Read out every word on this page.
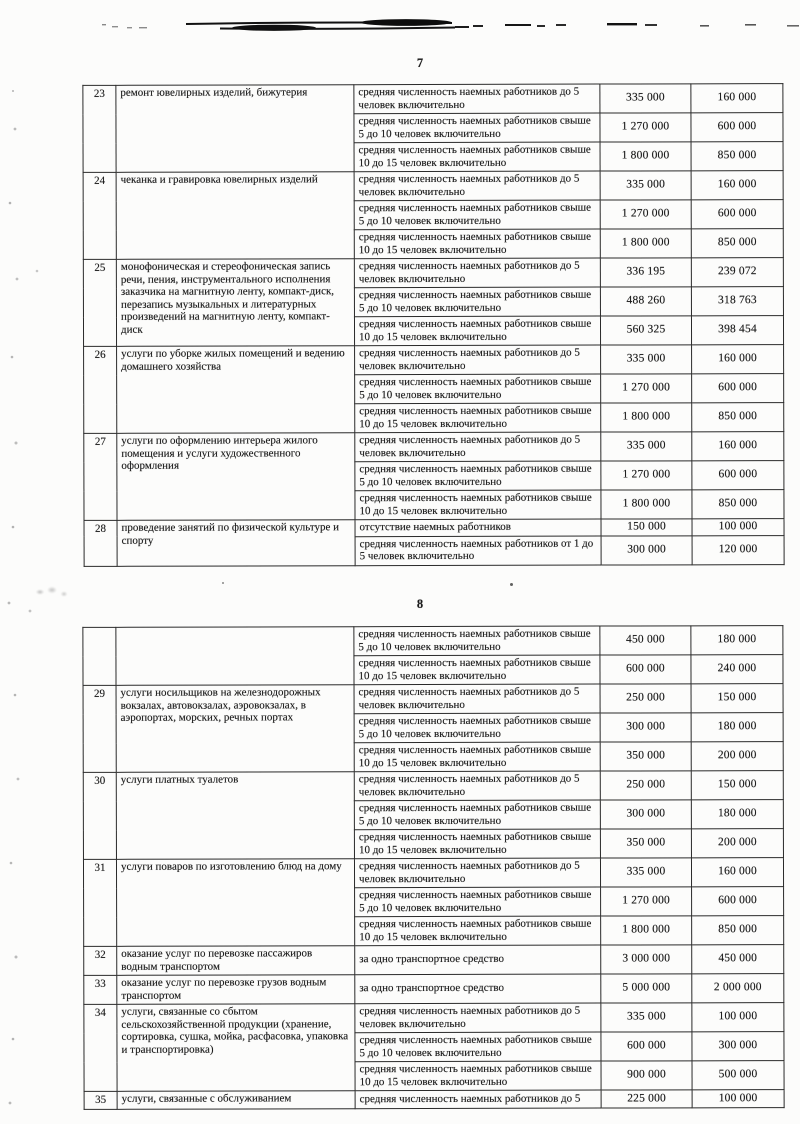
7
23	ремонт ювелирных изделий, бижутерия	средняя численность наемных работников до 5 человек включительно	335 000	160 000
		средняя численность наемных работников свыше 5 до 10 человек включительно	1 270 000	600 000
		средняя численность наемных работников свыше 10 до 15 человек включительно	1 800 000	850 000
24	чеканка и гравировка ювелирных изделий	средняя численность наемных работников до 5 человек включительно	335 000	160 000
		средняя численность наемных работников свыше 5 до 10 человек включительно	1 270 000	600 000
		средняя численность наемных работников свыше 10 до 15 человек включительно	1 800 000	850 000
25	монофоническая и стереофоническая запись речи, пения, инструментального исполнения заказчика на магнитную ленту, компакт-диск, перезапись музыкальных и литературных произведений на магнитную ленту, компакт-диск	средняя численность наемных работников до 5 человек включительно	336 195	239 072
		средняя численность наемных работников свыше 5 до 10 человек включительно	488 260	318 763
		средняя численность наемных работников свыше 10 до 15 человек включительно	560 325	398 454
26	услуги по уборке жилых помещений и ведению домашнего хозяйства	средняя численность наемных работников до 5 человек включительно	335 000	160 000
		средняя численность наемных работников свыше 5 до 10 человек включительно	1 270 000	600 000
		средняя численность наемных работников свыше 10 до 15 человек включительно	1 800 000	850 000
27	услуги по оформлению интерьера жилого помещения и услуги художественного оформления	средняя численность наемных работников до 5 человек включительно	335 000	160 000
		средняя численность наемных работников свыше 5 до 10 человек включительно	1 270 000	600 000
		средняя численность наемных работников свыше 10 до 15 человек включительно	1 800 000	850 000
28	проведение занятий по физической культуре и спорту	отсутствие наемных работников	150 000	100 000
		средняя численность наемных работников от 1 до 5 человек включительно	300 000	120 000
8
		средняя численность наемных работников свыше 5 до 10 человек включительно	450 000	180 000
		средняя численность наемных работников свыше 10 до 15 человек включительно	600 000	240 000
29	услуги носильщиков на железнодорожных вокзалах, автовокзалах, аэровокзалах, в аэропортах, морских, речных портах	средняя численность наемных работников до 5 человек включительно	250 000	150 000
		средняя численность наемных работников свыше 5 до 10 человек включительно	300 000	180 000
		средняя численность наемных работников свыше 10 до 15 человек включительно	350 000	200 000
30	услуги платных туалетов	средняя численность наемных работников до 5 человек включительно	250 000	150 000
		средняя численность наемных работников свыше 5 до 10 человек включительно	300 000	180 000
		средняя численность наемных работников свыше 10 до 15 человек включительно	350 000	200 000
31	услуги поваров по изготовлению блюд на дому	средняя численность наемных работников до 5 человек включительно	335 000	160 000
		средняя численность наемных работников свыше 5 до 10 человек включительно	1 270 000	600 000
		средняя численность наемных работников свыше 10 до 15 человек включительно	1 800 000	850 000
32	оказание услуг по перевозке пассажиров водным транспортом	за одно транспортное средство	3 000 000	450 000
33	оказание услуг по перевозке грузов водным транспортом	за одно транспортное средство	5 000 000	2 000 000
34	услуги, связанные со сбытом сельскохозяйственной продукции (хранение, сортировка, сушка, мойка, расфасовка, упаковка и транспортировка)	средняя численность наемных работников до 5 человек включительно	335 000	100 000
		средняя численность наемных работников свыше 5 до 10 человек включительно	600 000	300 000
		средняя численность наемных работников свыше 10 до 15 человек включительно	900 000	500 000
35	услуги, связанные с обслуживанием	средняя численность наемных работников до 5	225 000	100 000
